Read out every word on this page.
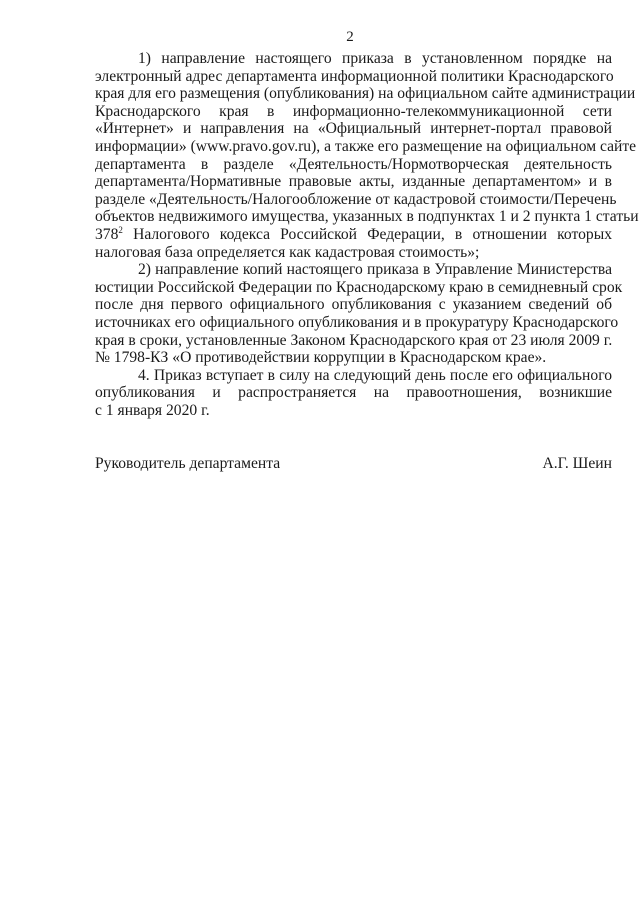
2
1) направление настоящего приказа в установленном порядке на
электронный адрес департамента информационной политики Краснодарского
края для его размещения (опубликования) на официальном сайте администрации
Краснодарского края в информационно-телекоммуникационной сети
«Интернет» и направления на «Официальный интернет-портал правовой
информации» (www.pravo.gov.ru), а также его размещение на официальном сайте
департамента в разделе «Деятельность/Нормотворческая деятельность
департамента/Нормативные правовые акты, изданные департаментом» и в
разделе «Деятельность/Налогообложение от кадастровой стоимости/Перечень
объектов недвижимого имущества, указанных в подпунктах 1 и 2 пункта 1 статьи
$378^2$ Налогового кодекса Российской Федерации, в отношении которых
налоговая база определяется как кадастровая стоимость»;
2) направление копий настоящего приказа в Управление Министерства
юстиции Российской Федерации по Краснодарскому краю в семидневный срок
после дня первого официального опубликования с указанием сведений об
источниках его официального опубликования и в прокуратуру Краснодарского
края в сроки, установленные Законом Краснодарского края от 23 июля 2009 г.
№ 1798-КЗ «О противодействии коррупции в Краснодарском крае».
4. Приказ вступает в силу на следующий день после его официального
опубликования и распространяется на правоотношения, возникшие
с 1 января 2020 г.
Руководитель департамента	А.Г. Шеин
